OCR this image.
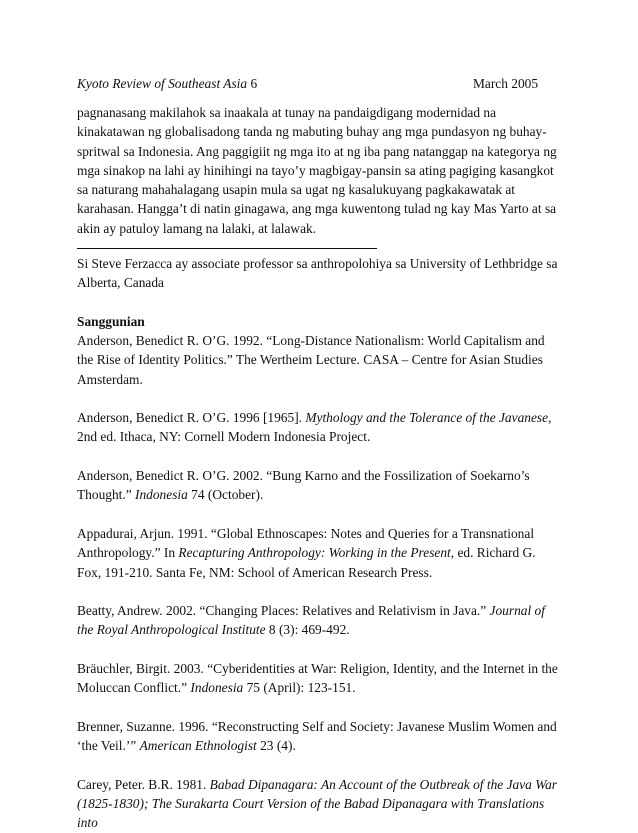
Kyoto Review of Southeast Asia 6	March 2005

pagnanasang makilahok sa inaakala at tunay na pandaigdigang modernidad na kinakatawan ng globalisadong tanda ng mabuting buhay ang mga pundasyon ng buhay-spritwal sa Indonesia. Ang paggigiit ng mga ito at ng iba pang natanggap na kategorya ng mga sinakop na lahi ay hinihingi na tayo’y magbigay-pansin sa ating pagiging kasangkot sa naturang mahahalagang usapin mula sa ugat ng kasalukuyang pagkakawatak at karahasan. Hangga’t di natin ginagawa, ang mga kuwentong tulad ng kay Mas Yarto at sa akin ay patuloy lamang na lalaki, at lalawak.

Si Steve Ferzacca ay associate professor sa anthropolohiya sa University of Lethbridge sa Alberta, Canada

Sanggunian

Anderson, Benedict R. O’G. 1992. “Long-Distance Nationalism: World Capitalism and the Rise of Identity Politics.” The Wertheim Lecture. CASA – Centre for Asian Studies Amsterdam.

Anderson, Benedict R. O’G. 1996 [1965]. Mythology and the Tolerance of the Javanese, 2nd ed. Ithaca, NY: Cornell Modern Indonesia Project.

Anderson, Benedict R. O’G. 2002. “Bung Karno and the Fossilization of Soekarno’s Thought.” Indonesia 74 (October).

Appadurai, Arjun. 1991. “Global Ethnoscapes: Notes and Queries for a Transnational Anthropology.” In Recapturing Anthropology: Working in the Present, ed. Richard G. Fox, 191-210. Santa Fe, NM: School of American Research Press.

Beatty, Andrew. 2002. “Changing Places: Relatives and Relativism in Java.” Journal of the Royal Anthropological Institute 8 (3): 469-492.

Bräuchler, Birgit. 2003. “Cyberidentities at War: Religion, Identity, and the Internet in the Moluccan Conflict.” Indonesia 75 (April): 123-151.

Brenner, Suzanne. 1996. “Reconstructing Self and Society: Javanese Muslim Women and ‘the Veil.’” American Ethnologist 23 (4).

Carey, Peter. B.R. 1981. Babad Dipanagara: An Account of the Outbreak of the Java War (1825-1830); The Surakarta Court Version of the Babad Dipanagara with Translations into
